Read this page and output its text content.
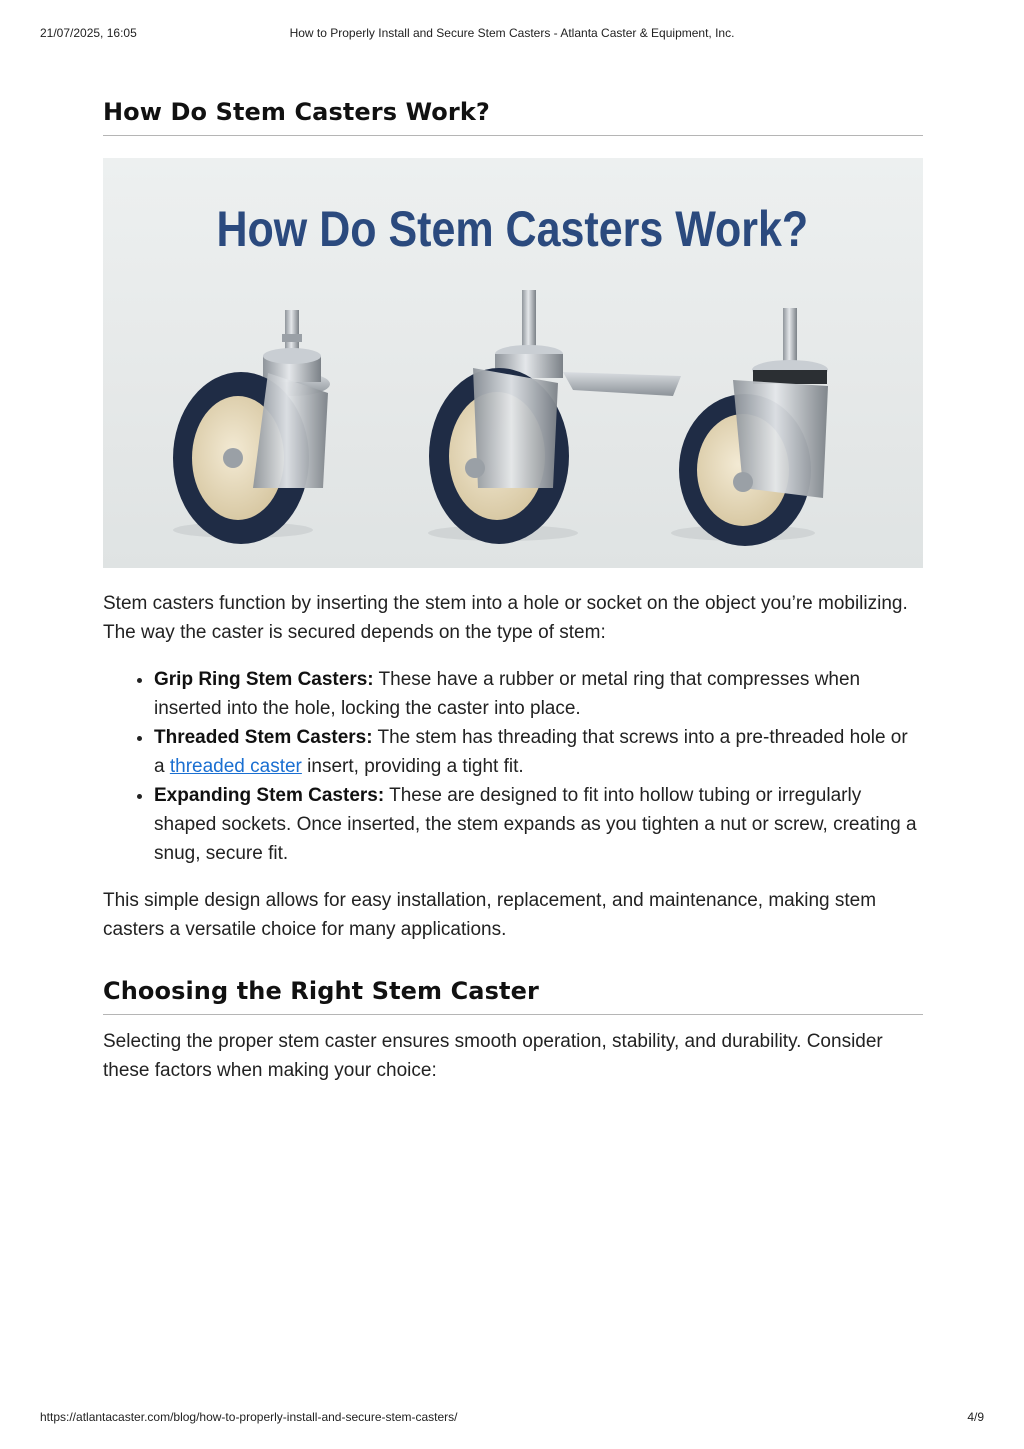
21/07/2025, 16:05	How to Properly Install and Secure Stem Casters - Atlanta Caster & Equipment, Inc.
How Do Stem Casters Work?
How Do Stem Casters Work?

Stem casters function by inserting the stem into a hole or socket on the object you’re mobilizing. The way the caster is secured depends on the type of stem:

• Grip Ring Stem Casters: These have a rubber or metal ring that compresses when inserted into the hole, locking the caster into place.
• Threaded Stem Casters: The stem has threading that screws into a pre-threaded hole or a threaded caster insert, providing a tight fit.
• Expanding Stem Casters: These are designed to fit into hollow tubing or irregularly shaped sockets. Once inserted, the stem expands as you tighten a nut or screw, creating a snug, secure fit.

This simple design allows for easy installation, replacement, and maintenance, making stem casters a versatile choice for many applications.

Choosing the Right Stem Caster

Selecting the proper stem caster ensures smooth operation, stability, and durability. Consider these factors when making your choice:

https://atlantacaster.com/blog/how-to-properly-install-and-secure-stem-casters/	4/9
